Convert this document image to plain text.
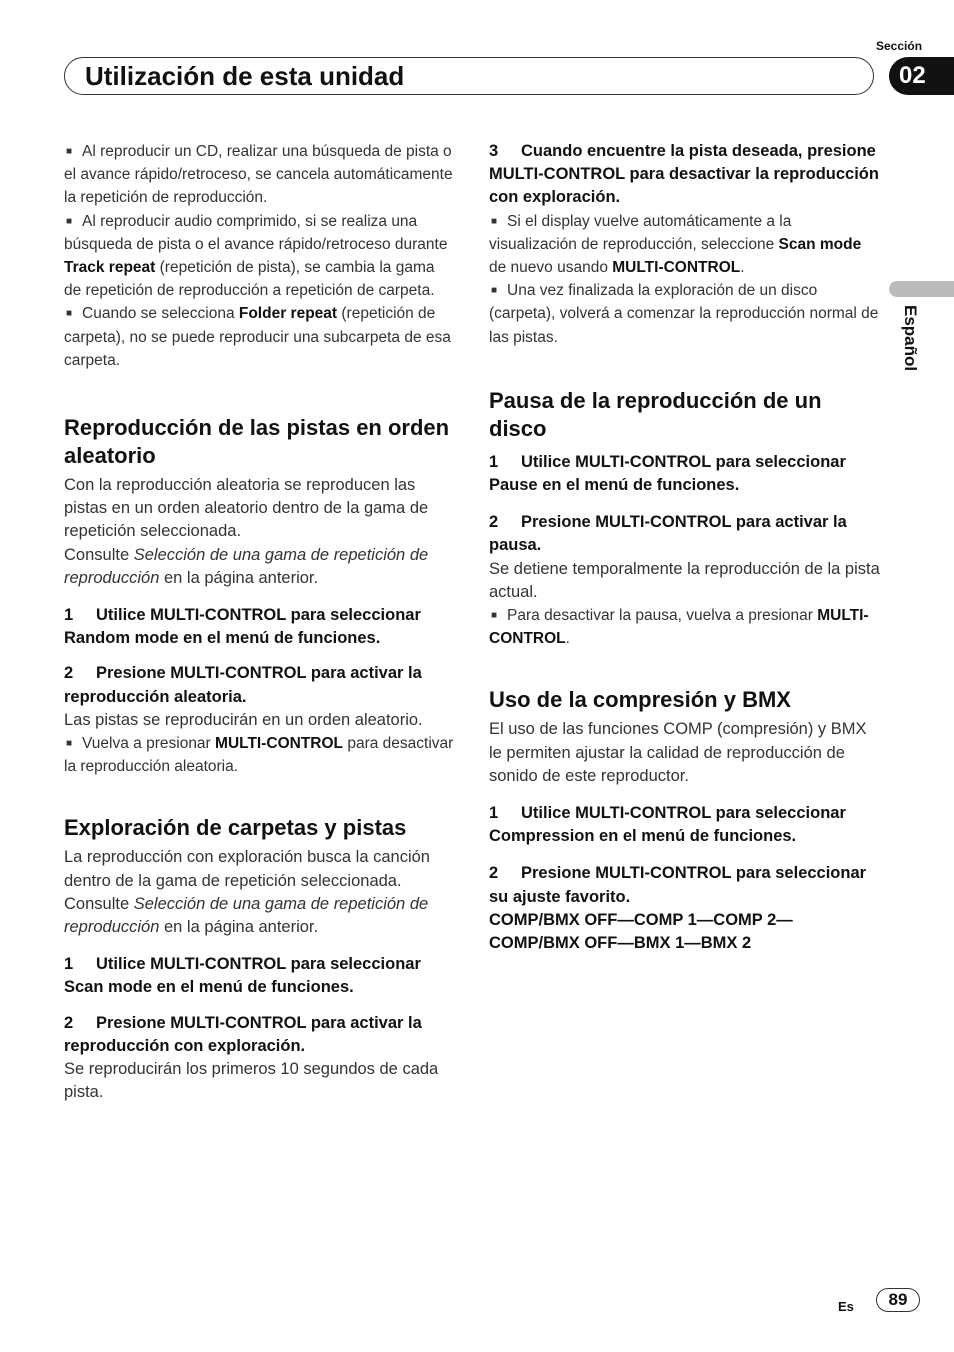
Utilización de esta unidad
Sección
02
Español

■ Al reproducir un CD, realizar una búsqueda de pista o el avance rápido/retroceso, se cancela automáticamente la repetición de reproducción.

■ Al reproducir audio comprimido, si se realiza una búsqueda de pista o el avance rápido/retroceso durante Track repeat (repetición de pista), se cambia la gama de repetición de reproducción a repetición de carpeta.

■ Cuando se selecciona Folder repeat (repetición de carpeta), no se puede reproducir una subcarpeta de esa carpeta.

Reproducción de las pistas en orden aleatorio

Con la reproducción aleatoria se reproducen las pistas en un orden aleatorio dentro de la gama de repetición seleccionada.

Consulte Selección de una gama de repetición de reproducción en la página anterior.

1 Utilice MULTI-CONTROL para seleccionar Random mode en el menú de funciones.

2 Presione MULTI-CONTROL para activar la reproducción aleatoria.

Las pistas se reproducirán en un orden aleatorio.

■ Vuelva a presionar MULTI-CONTROL para desactivar la reproducción aleatoria.

Exploración de carpetas y pistas

La reproducción con exploración busca la canción dentro de la gama de repetición seleccionada.

Consulte Selección de una gama de repetición de reproducción en la página anterior.

1 Utilice MULTI-CONTROL para seleccionar Scan mode en el menú de funciones.

2 Presione MULTI-CONTROL para activar la reproducción con exploración.

Se reproducirán los primeros 10 segundos de cada pista.

3 Cuando encuentre la pista deseada, presione MULTI-CONTROL para desactivar la reproducción con exploración.

■ Si el display vuelve automáticamente a la visualización de reproducción, seleccione Scan mode de nuevo usando MULTI-CONTROL.

■ Una vez finalizada la exploración de un disco (carpeta), volverá a comenzar la reproducción normal de las pistas.

Pausa de la reproducción de un disco

1 Utilice MULTI-CONTROL para seleccionar Pause en el menú de funciones.

2 Presione MULTI-CONTROL para activar la pausa.

Se detiene temporalmente la reproducción de la pista actual.

■ Para desactivar la pausa, vuelva a presionar MULTI-CONTROL.

Uso de la compresión y BMX

El uso de las funciones COMP (compresión) y BMX le permiten ajustar la calidad de reproducción de sonido de este reproductor.

1 Utilice MULTI-CONTROL para seleccionar Compression en el menú de funciones.

2 Presione MULTI-CONTROL para seleccionar su ajuste favorito.

COMP/BMX OFF—COMP 1—COMP 2—

COMP/BMX OFF—BMX 1—BMX 2

Es	89
